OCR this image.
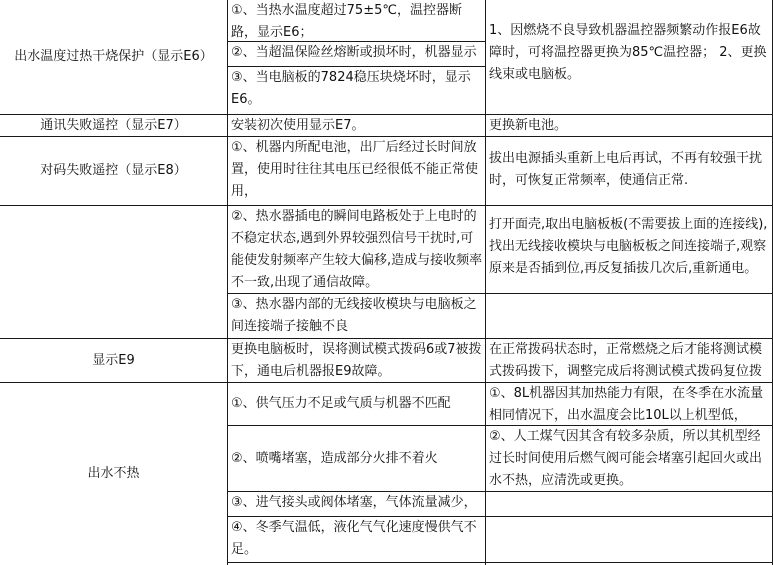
出水温度过热干烧保护（显示E6）
①、当热水温度超过75±5℃，温控器断路，显示E6；
②、当超温保险丝熔断或损坏时，机器显示
③、当电脑板的7824稳压块烧坏时，显示E6。
1、因燃烧不良导致机器温控器频繁动作报E6故障时，可将温控器更换为85℃温控器； 2、更换线束或电脑板。
通讯失败遥控（显示E7）	安装初次使用显示E7。	更换新电池。
对码失败遥控（显示E8）
①、机器内所配电池，出厂后经过长时间放置，使用时往往其电压已经很低不能正常使用，
拔出电源插头重新上电后再试，不再有较强干扰时，可恢复正常频率，使通信正常.
②、热水器插电的瞬间电路板处于上电时的不稳定状态,遇到外界较强烈信号干扰时,可能使发射频率产生较大偏移,造成与接收频率不一致,出现了通信故障。
打开面壳,取出电脑板板(不需要拔上面的连接线),找出无线接收模块与电脑板板之间连接端子,观察原来是否插到位,再反复插拔几次后,重新通电。
③、热水器内部的无线接收模块与电脑板之间连接端子接触不良
显示E9
更换电脑板时，误将测试模式拨码6或7被拨下，通电后机器报E9故障。
在正常拨码状态时，正常燃烧之后才能将测试模式拨码拨下，调整完成后将测试模式拨码复位拨
出水不热
①、供气压力不足或气质与机器不匹配
①、8L机器因其加热能力有限，在冬季在水流量相同情况下，出水温度会比10L以上机型低，
②、喷嘴堵塞，造成部分火排不着火
②、人工煤气因其含有较多杂质，所以其机型经过长时间使用后燃气阀可能会堵塞引起回火或出水不热，应清洗或更换。
③、进气接头或阀体堵塞，气体流量减少，
④、冬季气温低，液化气气化速度慢供气不足。
